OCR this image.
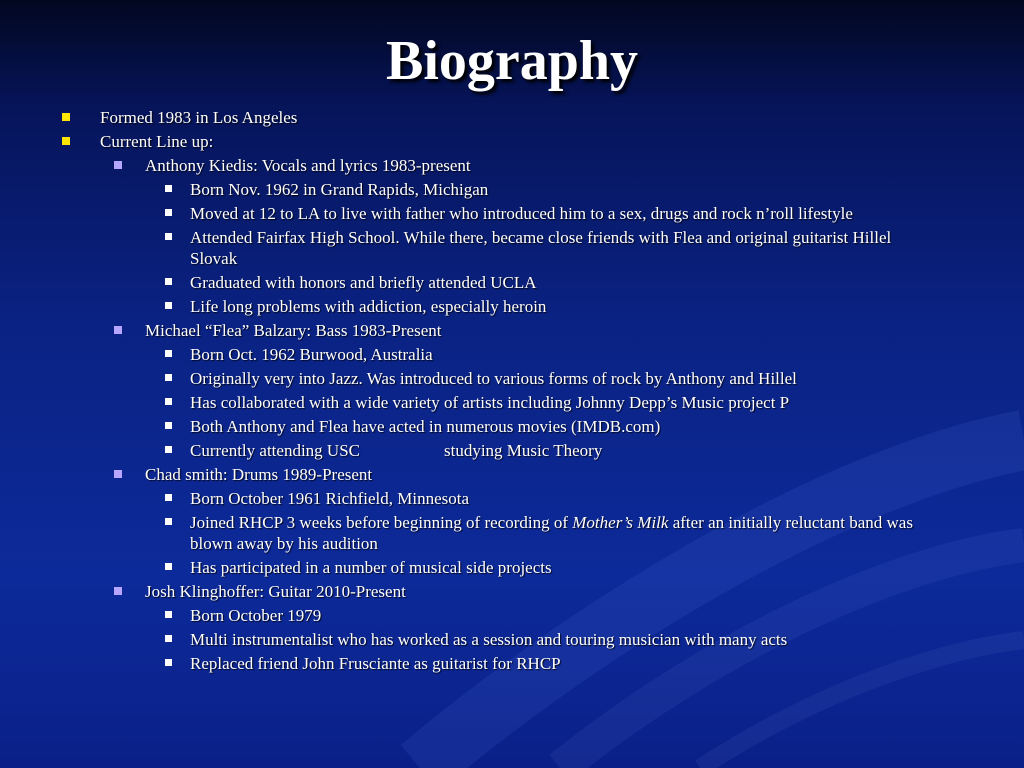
Biography
Formed 1983 in Los Angeles
Current Line up:
Anthony Kiedis: Vocals and lyrics 1983-present
Born Nov. 1962 in Grand Rapids, Michigan
Moved at 12 to LA to live with father who introduced him to a sex, drugs and rock n’roll lifestyle
Attended Fairfax High School. While there, became close friends with Flea and original guitarist Hillel Slovak
Graduated with honors and briefly attended UCLA
Life long problems with addiction, especially heroin
Michael “Flea” Balzary: Bass 1983-Present
Born Oct. 1962 Burwood, Australia
Originally very into Jazz. Was introduced to various forms of rock by Anthony and Hillel
Has collaborated with a wide variety of artists including Johnny Depp’s Music project P
Both Anthony and Flea have acted in numerous movies (IMDB.com)
Currently attending USC	studying Music Theory
Chad smith: Drums 1989-Present
Born October 1961 Richfield, Minnesota
Joined RHCP 3 weeks before beginning of recording of Mother’s Milk after an initially reluctant band was blown away by his audition
Has participated in a number of musical side projects
Josh Klinghoffer: Guitar 2010-Present
Born October 1979
Multi instrumentalist who has worked as a session and touring musician with many acts
Replaced friend John Frusciante as guitarist for RHCP
